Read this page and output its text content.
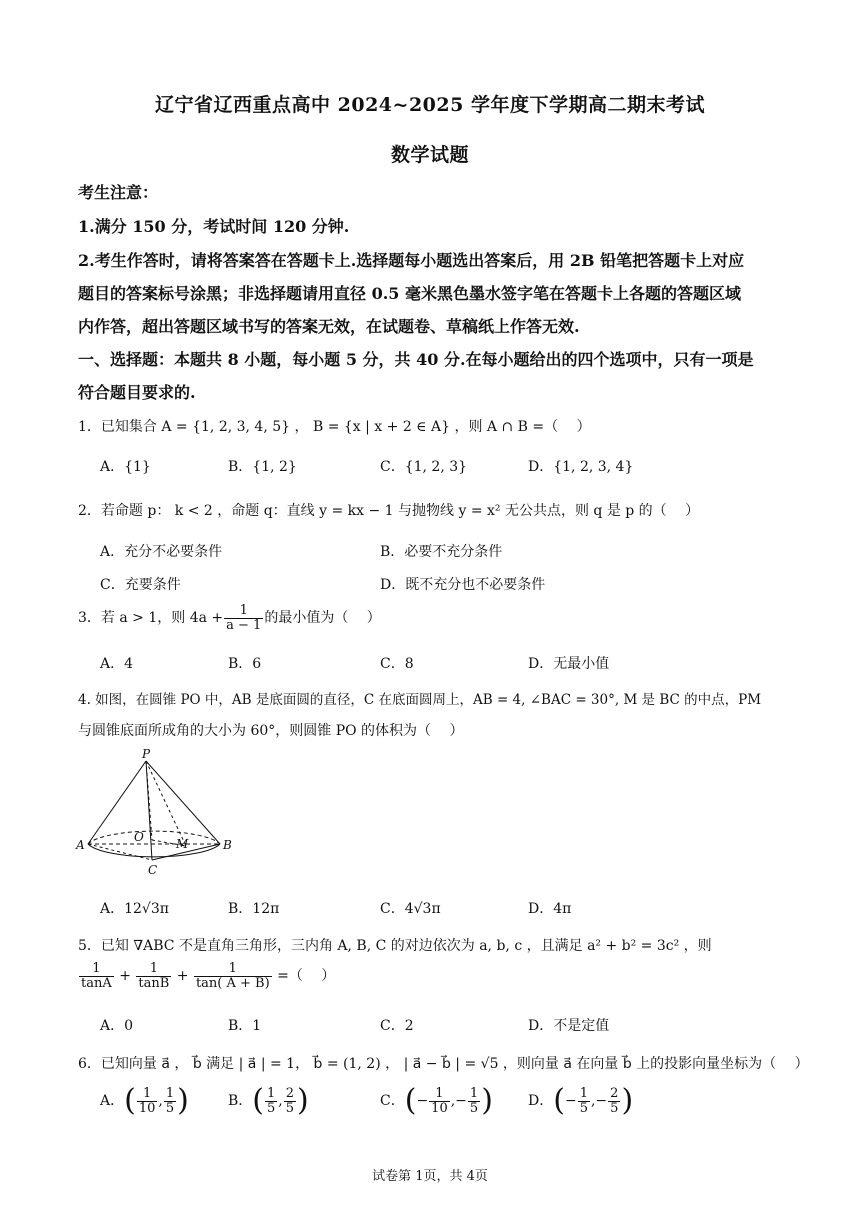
辽宁省辽西重点高中 2024~2025 学年度下学期高二期末考试
数学试题
考生注意：
1.满分 150 分，考试时间 120 分钟.
2.考生作答时，请将答案答在答题卡上.选择题每小题选出答案后，用 2B 铅笔把答题卡上对应
题目的答案标号涂黑；非选择题请用直径 0.5 毫米黑色墨水签字笔在答题卡上各题的答题区域
内作答，超出答题区域书写的答案无效，在试题卷、草稿纸上作答无效.
一、选择题：本题共 8 小题，每小题 5 分，共 40 分.在每小题给出的四个选项中，只有一项是
符合题目要求的.
1．已知集合 A = {1, 2, 3, 4, 5} ， B = {x | x + 2 ∈ A} ，则 A ∩ B =（　 ）
A．{1}	B．{1, 2}	C．{1, 2, 3}	D．{1, 2, 3, 4}
2．若命题 p： k < 2 ，命题 q：直线 y = kx − 1 与抛物线 y = x² 无公共点，则 q 是 p 的（　 ）
A．充分不必要条件	B．必要不充分条件
C．充要条件	D．既不充分也不必要条件
3．若 a > 1，则 $4a + \frac{1}{a - 1}$ 的最小值为（　 ）
A．4	B．6	C．8	D．无最小值
4. 如图，在圆锥 PO 中，AB 是底面圆的直径，C 在底面圆周上，AB = 4, ∠BAC = 30°, M 是 BC 的中点，PM
与圆锥底面所成角的大小为 60°，则圆锥 PO 的体积为（　 ）
P
O	M
A	B
C
A．12√3π	B．12π	C．4√3π	D．4π
5．已知 ∇ABC 不是直角三角形，三内角 A, B, C 的对边依次为 a, b, c ，且满足 a² + b² = 3c² ，则
$\frac{1}{\tan A} + \frac{1}{\tan B} + \frac{1}{\tan( A + B)}$ =（　 ）
A．0	B．1	C．2	D．不是定值
6．已知向量 a⃗ ， b⃗ 满足 | a⃗ | = 1， b⃗ = (1, 2) ， | a⃗ − b⃗ | = √5 ，则向量 a⃗ 在向量 b⃗ 上的投影向量坐标为（　 ）
A．( $\frac{1}{10}$ , $\frac{1}{5}$ )	B．( $\frac{1}{5}$ , $\frac{2}{5}$ )	C．(− $\frac{1}{10}$ ,− $\frac{1}{5}$ )	D．(− $\frac{1}{5}$ ,− $\frac{2}{5}$ )
试卷第 1页，共 4页
